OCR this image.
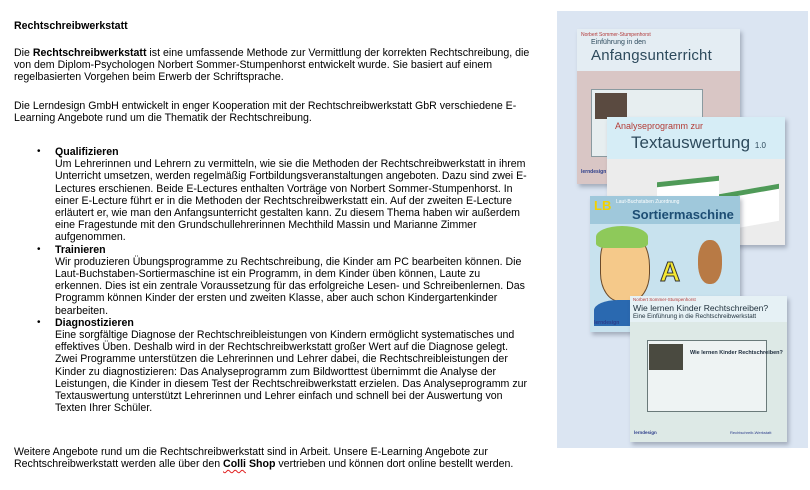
Rechtschreibwerkstatt
Die Rechtschreibwerkstatt ist eine umfassende Methode zur Vermittlung der korrekten Rechtschreibung, die von dem Diplom-Psychologen Norbert Sommer-Stumpenhorst entwickelt wurde. Sie basiert auf einem regelbasierten Vorgehen beim Erwerb der Schriftsprache.
Die Lerndesign GmbH entwickelt in enger Kooperation mit der Rechtschreibwerkstatt GbR verschiedene E-Learning Angebote rund um die Thematik der Rechtschreibung.
• Qualifizieren
Um Lehrerinnen und Lehrern zu vermitteln, wie sie die Methoden der Rechtschreibwerkstatt in ihrem Unterricht umsetzen, werden regelmäßig Fortbildungsveranstaltungen angeboten. Dazu sind zwei E-Lectures erschienen. Beide E-Lectures enthalten Vorträge von Norbert Sommer-Stumpenhorst. In einer E-Lecture führt er in die Methoden der Rechtschreibwerkstatt ein. Auf der zweiten E-Lecture erläutert er, wie man den Anfangsunterricht gestalten kann. Zu diesem Thema haben wir außerdem eine Fragestunde mit den Grundschullehrerinnen Mechthild Massin und Marianne Zimmer aufgenommen.
• Trainieren
Wir produzieren Übungsprogramme zu Rechtschreibung, die Kinder am PC bearbeiten können. Die Laut-Buchstaben-Sortiermaschine ist ein Programm, in dem Kinder üben können, Laute zu erkennen. Dies ist ein zentrale Voraussetzung für das erfolgreiche Lesen- und Schreibenlernen. Das Programm können Kinder der ersten und zweiten Klasse, aber auch schon Kindergartenkinder bearbeiten.
• Diagnostizieren
Eine sorgfältige Diagnose der Rechtschreibleistungen von Kindern ermöglicht systematisches und effektives Üben. Deshalb wird in der Rechtschreibwerkstatt großer Wert auf die Diagnose gelegt. Zwei Programme unterstützen die Lehrerinnen und Lehrer dabei, die Rechtschreibleistungen der Kinder zu diagnostizieren: Das Analyseprogramm zum Bildworttest übernimmt die Analyse der Leistungen, die Kinder in diesem Test der Rechtschreibwerkstatt erzielen. Das Analyseprogramm zur Textauswertung unterstützt Lehrerinnen und Lehrer einfach und schnell bei der Auswertung von Texten Ihrer Schüler.
Weitere Angebote rund um die Rechtschreibwerkstatt sind in Arbeit. Unsere E-Learning Angebote zur Rechtschreibwerkstatt werden alle über den Colli Shop vertrieben und können dort online bestellt werden.
Norbert Sommer-Stumpenhorst
Einführung in den
Anfangsunterricht
lerndesign
Analyseprogramm zur
Textauswertung 1.0
LB Laut-Buchstaben Zuordnung
Sortiermaschine
A
lerndesign
Norbert Sommer-Stumpenhorst
Wie lernen Kinder Rechtschreiben?
Eine Einführung in die Rechtschreibwerkstatt
Wie lernen Kinder Rechtschreiben?
lerndesign	Rechtschreib-Werkstatt
